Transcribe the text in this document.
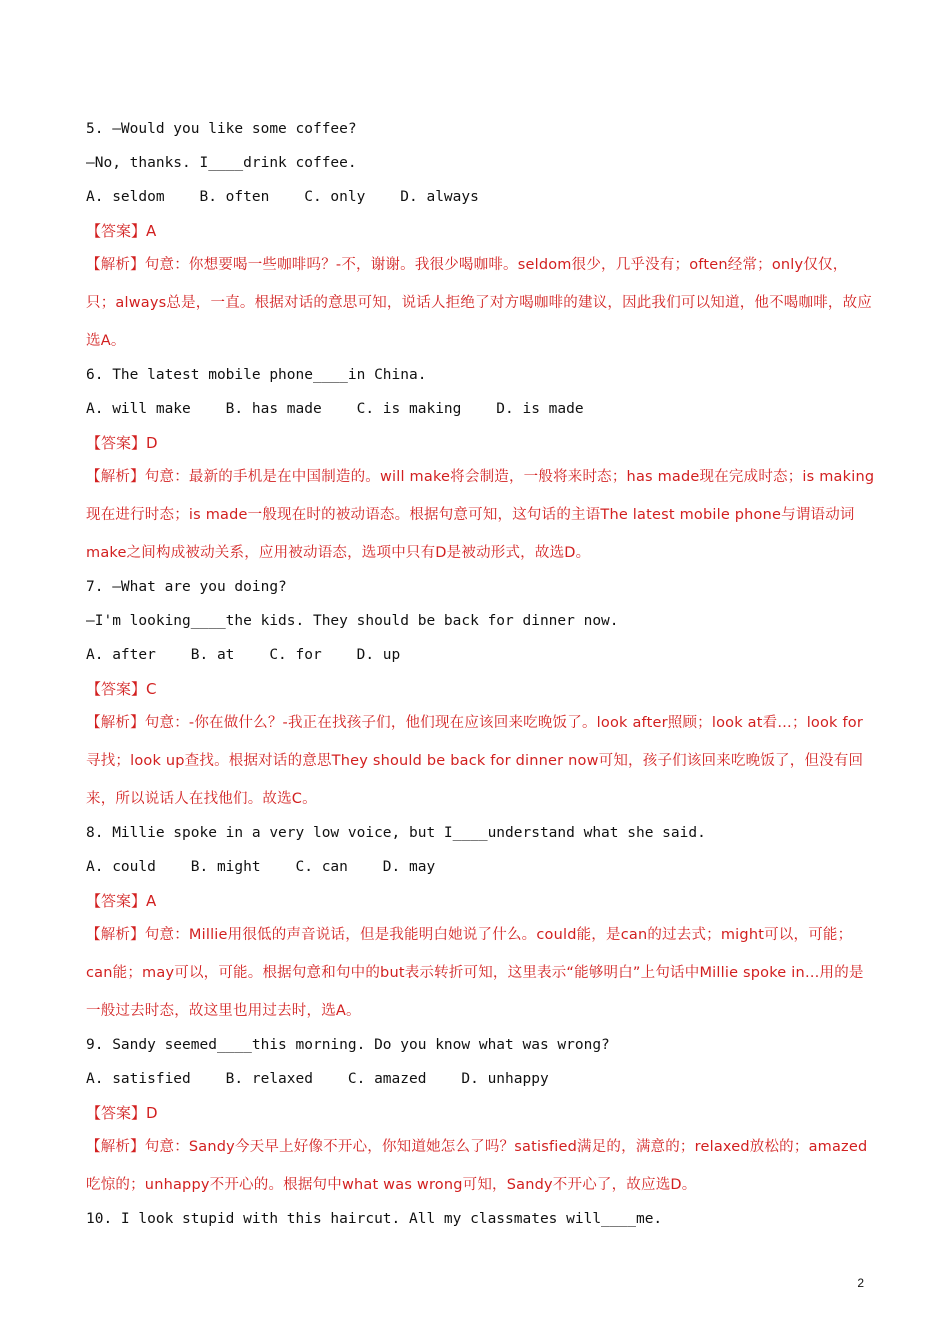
5. —Would you like some coffee?
—No, thanks. I____drink coffee.
A. seldom    B. often    C. only    D. always
【答案】A
【解析】句意：你想要喝一些咖啡吗？-不，谢谢。我很少喝咖啡。seldom很少，几乎没有；often经常；only仅仅，只；always总是，一直。根据对话的意思可知，说话人拒绝了对方喝咖啡的建议，因此我们可以知道，他不喝咖啡，故应选A。
6. The latest mobile phone____in China.
A. will make    B. has made    C. is making    D. is made
【答案】D
【解析】句意：最新的手机是在中国制造的。will make将会制造，一般将来时态；has made现在完成时态；is making现在进行时态；is made一般现在时的被动语态。根据句意可知，这句话的主语The latest mobile phone与谓语动词make之间构成被动关系，应用被动语态，选项中只有D是被动形式，故选D。
7. —What are you doing?
—I'm looking____the kids. They should be back for dinner now.
A. after    B. at    C. for    D. up
【答案】C
【解析】句意：-你在做什么？-我正在找孩子们，他们现在应该回来吃晚饭了。look after照顾；look at看…；look for寻找；look up查找。根据对话的意思They should be back for dinner now可知，孩子们该回来吃晚饭了，但没有回来，所以说话人在找他们。故选C。
8. Millie spoke in a very low voice, but I____understand what she said.
A. could    B. might    C. can    D. may
【答案】A
【解析】句意：Millie用很低的声音说话，但是我能明白她说了什么。could能，是can的过去式；might可以，可能；can能；may可以，可能。根据句意和句中的but表示转折可知，这里表示“能够明白”上句话中Millie spoke in…用的是一般过去时态，故这里也用过去时，选A。
9. Sandy seemed____this morning. Do you know what was wrong?
A. satisfied    B. relaxed    C. amazed    D. unhappy
【答案】D
【解析】句意：Sandy今天早上好像不开心，你知道她怎么了吗？satisfied满足的，满意的；relaxed放松的；amazed吃惊的；unhappy不开心的。根据句中what was wrong可知，Sandy不开心了，故应选D。
10. I look stupid with this haircut. All my classmates will____me.
2
